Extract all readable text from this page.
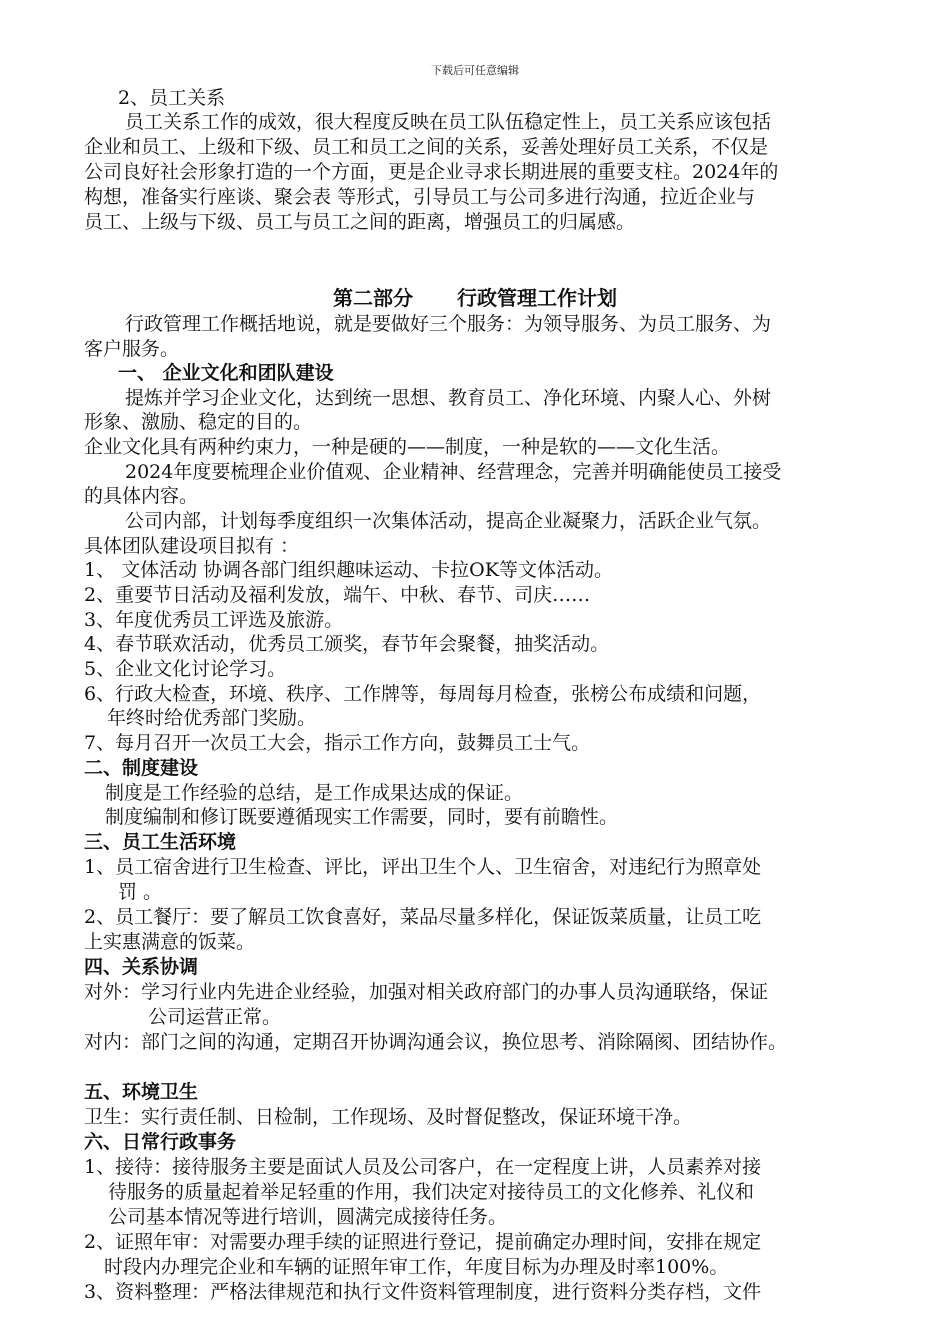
下载后可任意编辑
2、员工关系
员工关系工作的成效，很大程度反映在员工队伍稳定性上，员工关系应该包括
企业和员工、上级和下级、员工和员工之间的关系，妥善处理好员工关系，不仅是
公司良好社会形象打造的一个方面，更是企业寻求长期进展的重要支柱。2024年的
构想，准备实行座谈、聚会表 等形式，引导员工与公司多进行沟通，拉近企业与
员工、上级与下级、员工与员工之间的距离，增强员工的归属感。
第二部分 行政管理工作计划
行政管理工作概括地说，就是要做好三个服务：为领导服务、为员工服务、为
客户服务。
一、 企业文化和团队建设
提炼并学习企业文化，达到统一思想、教育员工、净化环境、内聚人心、外树
形象、激励、稳定的目的。
企业文化具有两种约束力，一种是硬的——制度，一种是软的——文化生活。
2024年度要梳理企业价值观、企业精神、经营理念，完善并明确能使员工接受
的具体内容。
公司内部，计划每季度组织一次集体活动，提高企业凝聚力，活跃企业气氛。
具体团队建设项目拟有 ：
1、 文体活动 协调各部门组织趣味运动、卡拉OK等文体活动。
2、重要节日活动及福利发放，端午、中秋、春节、司庆……
3、年度优秀员工评选及旅游。
4、春节联欢活动，优秀员工颁奖，春节年会聚餐，抽奖活动。
5、企业文化讨论学习。
6、行政大检查，环境、秩序、工作牌等，每周每月检查，张榜公布成绩和问题，
年终时给优秀部门奖励。
7、每月召开一次员工大会，指示工作方向，鼓舞员工士气。
二、制度建设
制度是工作经验的总结，是工作成果达成的保证。
制度编制和修订既要遵循现实工作需要，同时，要有前瞻性。
三、员工生活环境
1、员工宿舍进行卫生检查、评比，评出卫生个人、卫生宿舍，对违纪行为照章处
罚 。
2、员工餐厅：要了解员工饮食喜好，菜品尽量多样化，保证饭菜质量，让员工吃
上实惠满意的饭菜。
四、关系协调
对外：学习行业内先进企业经验，加强对相关政府部门的办事人员沟通联络，保证
公司运营正常。
对内：部门之间的沟通，定期召开协调沟通会议，换位思考、消除隔阂、团结协作。
五、环境卫生
卫生：实行责任制、日检制，工作现场、及时督促整改，保证环境干净。
六、日常行政事务
1、接待：接待服务主要是面试人员及公司客户，在一定程度上讲，人员素养对接
待服务的质量起着举足轻重的作用，我们决定对接待员工的文化修养、礼仪和
公司基本情况等进行培训，圆满完成接待任务。
2、证照年审：对需要办理手续的证照进行登记，提前确定办理时间，安排在规定
时段内办理完企业和车辆的证照年审工作，年度目标为办理及时率100%。
3、资料整理：严格法律规范和执行文件资料管理制度，进行资料分类存档，文件
